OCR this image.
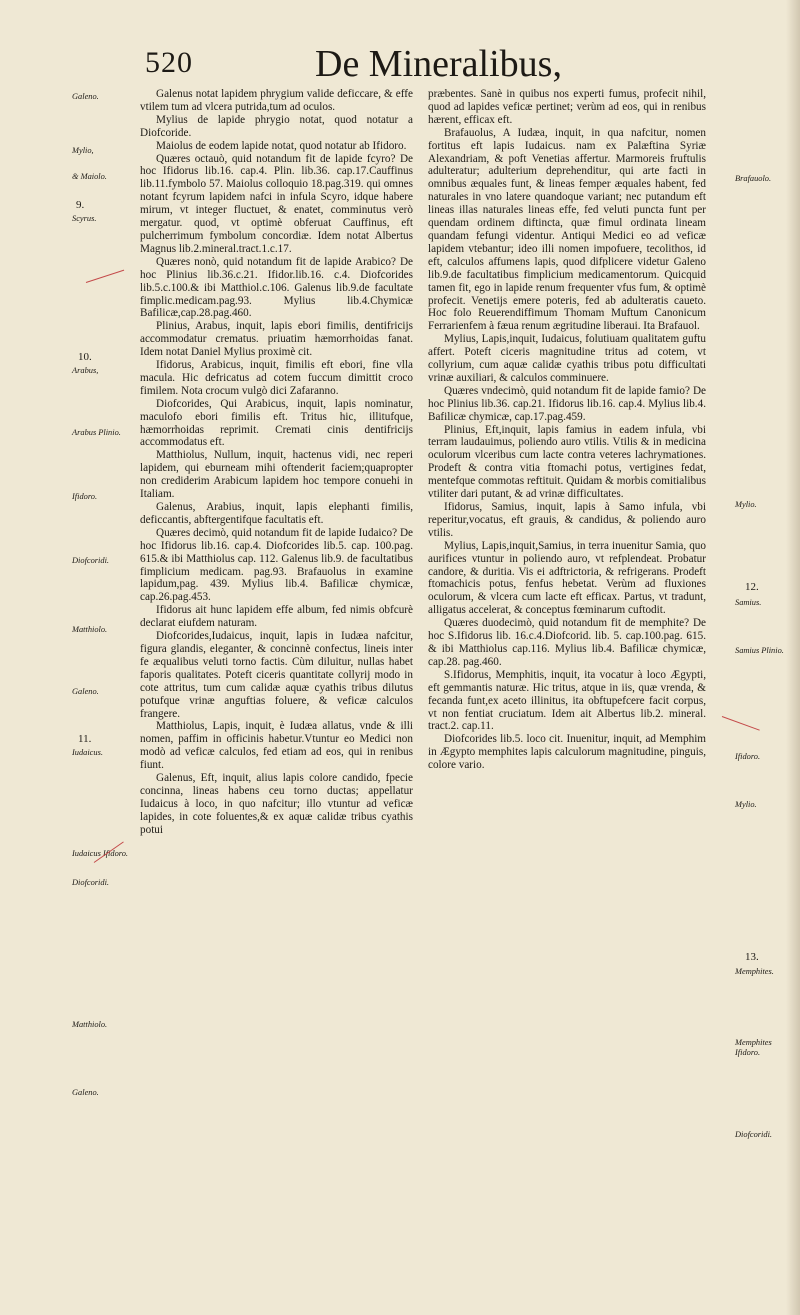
520	De Mineralibus,

Galenus notat lapidem phrygium valide deficcare, & effe vtilem tum ad vlcera putrida,tum ad oculos.

Mylius de lapide phrygio notat, quod notatur a Diofcoride.

Maiolus de eodem lapide notat, quod notatur ab Ifidoro.

Quæres octauò, quid notandum fit de lapide fcyro? De hoc Ifidorus lib.16. cap.4. Plin. lib.36. cap.17.Cauffinus lib.11.fymbolo 57. Maiolus colloquio 18.pag.319. qui omnes notant fcyrum lapidem nafci in infula Scyro, idque habere mirum, vt integer fluctuet, & enatet, comminutus verò mergatur. quod, vt optimè obferuat Cauffinus, eft pulcherrimum fymbolum concordiæ. Idem notat Albertus Magnus lib.2.mineral.tract.1.c.17.

Quæres nonò, quid notandum fit de lapide Arabico? De hoc Plinius lib.36.c.21. Ifidor.lib.16. c.4. Diofcorides lib.5.c.100.& ibi Matthiol.c.106. Galenus lib.9.de facultate fimplic.medicam.pag.93. Mylius lib.4.Chymicæ Bafilicæ,cap.28.pag.460.

Plinius, Arabus, inquit, lapis ebori fimilis, dentifricijs accommodatur crematus. priuatim hæmorrhoidas fanat. Idem notat Daniel Mylius proximè cit.

Ifidorus, Arabicus, inquit, fimilis eft ebori, fine vlla macula. Hic defricatus ad cotem fuccum dimittit croco fimilem. Nota crocum vulgò dici Zafaranno.

Diofcorides, Qui Arabicus, inquit, lapis nominatur, maculofo ebori fimilis eft. Tritus hic, illitufque, hæmorrhoidas reprimit. Cremati cinis dentifricijs accommodatus eft.

Matthiolus, Nullum, inquit, hactenus vidi, nec reperi lapidem, qui eburneam mihi oftenderit faciem;quapropter non crediderim Arabicum lapidem hoc tempore conuehi in Italiam.

Galenus, Arabius, inquit, lapis elephanti fimilis, deficcantis, abftergentifque facultatis eft.

Quæres decimò, quid notandum fit de lapide Iudaico? De hoc Ifidorus lib.16. cap.4. Diofcorides lib.5. cap. 100.pag. 615.& ibi Matthiolus cap. 112. Galenus lib.9. de facultatibus fimplicium medicam. pag.93. Brafauolus in examine lapidum,pag. 439. Mylius lib.4. Bafilicæ chymicæ, cap.26.pag.453.

Ifidorus ait hunc lapidem effe album, fed nimis obfcurè declarat eiufdem naturam.

Diofcorides,Iudaicus, inquit, lapis in Iudæa nafcitur, figura glandis, eleganter, & concinnè confectus, lineis inter fe æqualibus veluti torno factis. Cùm diluitur, nullas habet faporis qualitates. Poteft ciceris quantitate collyrij modo in cote attritus, tum cum calidæ aquæ cyathis tribus dilutus potufque vrinæ anguftias foluere, & veficæ calculos frangere.

Matthiolus, Lapis, inquit, è Iudæa allatus, vnde & illi nomen, paffim in officinis habetur.Vtuntur eo Medici non modò ad veficæ calculos, fed etiam ad eos, qui in renibus fiunt.

Galenus, Eft, inquit, alius lapis colore candido, fpecie concinna, lineas habens ceu torno ductas; appellatur Iudaicus à loco, in quo nafcitur; illo vtuntur ad veficæ lapides, in cote foluentes,& ex aquæ calidæ tribus cyathis potui

præbentes. Sanè in quibus nos experti fumus, profecit nihil, quod ad lapides veficæ pertinet; verùm ad eos, qui in renibus hærent, efficax eft.

Brafauolus, A Iudæa, inquit, in qua nafcitur, nomen fortitus eft lapis Iudaicus. nam ex Palæftina Syriæ Alexandriam, & poft Venetias affertur. Marmoreis fruftulis adulteratur; adulterium deprehenditur, qui arte facti in omnibus æquales funt, & lineas femper æquales habent, fed naturales in vno latere quandoque variant; nec putandum eft lineas illas naturales lineas effe, fed veluti puncta funt per quendam ordinem diftincta, quæ fimul ordinata lineam quandam fefungi videntur. Antiqui Medici eo ad veficæ lapidem vtebantur; ideo illi nomen impofuere, tecolithos, id eft, calculos affumens lapis, quod difplicere videtur Galeno lib.9.de facultatibus fimplicium medicamentorum. Quicquid tamen fit, ego in lapide renum frequenter vfus fum, & optimè profecit. Venetijs emere poteris, fed ab adulteratis caueto. Hoc folo Reuerendiffimum Thomam Muftum Canonicum Ferrarienfem à fæua renum ægritudine liberaui. Ita Brafauol.

Mylius, Lapis,inquit, Iudaicus, folutiuam qualitatem guftu affert. Poteft ciceris magnitudine tritus ad cotem, vt collyrium, cum aquæ calidæ cyathis tribus potu difficultati vrinæ auxiliari, & calculos comminuere.

Quæres vndecimò, quid notandum fit de lapide famio? De hoc Plinius lib.36. cap.21. Ifidorus lib.16. cap.4. Mylius lib.4. Bafilicæ chymicæ, cap.17.pag.459.

Plinius, Eft,inquit, lapis famius in eadem infula, vbi terram laudauimus, poliendo auro vtilis. Vtilis & in medicina oculorum vlceribus cum lacte contra veteres lachrymationes. Prodeft & contra vitia ftomachi potus, vertigines fedat, mentefque commotas reftituit. Quidam & morbis comitialibus vtiliter dari putant, & ad vrinæ difficultates.

Ifidorus, Samius, inquit, lapis à Samo infula, vbi reperitur,vocatus, eft grauis, & candidus, & poliendo auro vtilis.

Mylius, Lapis,inquit,Samius, in terra inuenitur Samia, quo aurifices vtuntur in poliendo auro, vt refplendeat. Probatur candore, & duritia. Vis ei adftrictoria, & refrigerans. Prodeft ftomachicis potus, fenfus hebetat. Verùm ad fluxiones oculorum, & vlcera cum lacte eft efficax. Partus, vt tradunt, alligatus accelerat, & conceptus fœminarum cuftodit.

Quæres duodecimò, quid notandum fit de memphite? De hoc S.Ifidorus lib. 16.c.4.Diofcorid. lib. 5. cap.100.pag. 615. & ibi Matthiolus cap.116. Mylius lib.4. Bafilicæ chymicæ, cap.28. pag.460.

S.Ifidorus, Memphitis, inquit, ita vocatur à loco Ægypti, eft gemmantis naturæ. Hic tritus, atque in iis, quæ vrenda, & fecanda funt,ex aceto illinitus, ita obftupefcere facit corpus, vt non fentiat cruciatum. Idem ait Albertus lib.2. mineral. tract.2. cap.11.

Diofcorides lib.5. loco cit. Inuenitur, inquit, ad Memphim in Ægypto memphites lapis calculorum magnitudine, pinguis, colore vario.

Galeno.
Mylio,
& Maiolo.
9.
Scyrus.
10.
Arabus,
Arabus Plinio.
Ifidoro.
Diofcoridi.
Matthiolo.
Galeno.
11.
Iudaicus.
Iudaicus Ifidoro.
Diofcoridi.
Matthiolo.
Galeno.
Brafauolo.
Mylio.
12.
Samius.
Samius Plinio.
Ifidoro.
Mylio.
13.
Memphites.
Memphites Ifidoro.
Diofcoridi.
